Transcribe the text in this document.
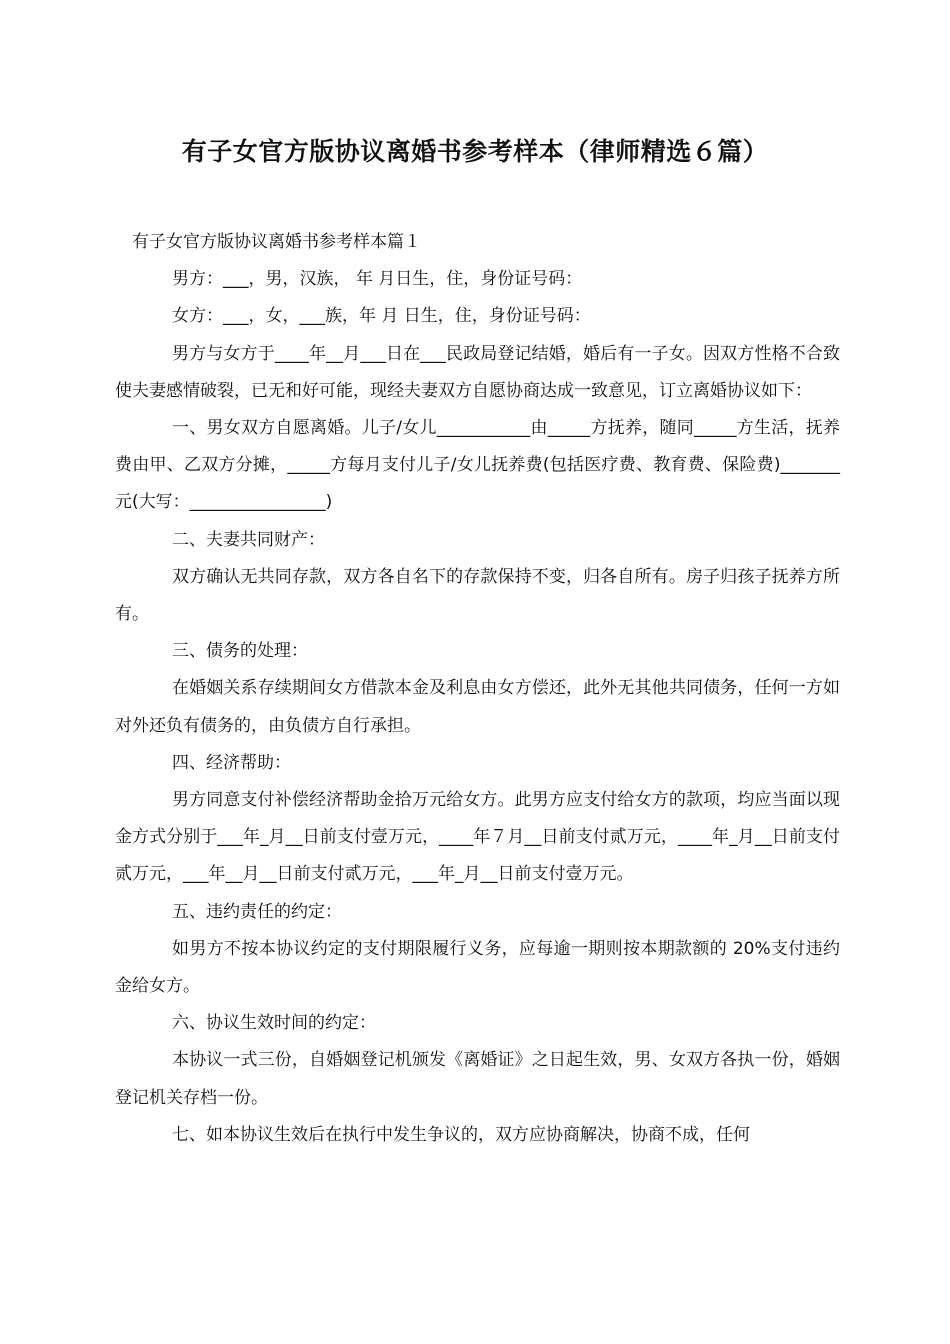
有子女官方版协议离婚书参考样本（律师精选６篇）

有子女官方版协议离婚书参考样本篇１

男方：___，男，汉族， 年 月日生，住，身份证号码：

女方：___，女，___族，年 月 日生，住，身份证号码：

男方与女方于____年__月___日在___民政局登记结婚，婚后有一子女。因双方性格不合致使夫妻感情破裂，已无和好可能，现经夫妻双方自愿协商达成一致意见，订立离婚协议如下：

一、男女双方自愿离婚。儿子/女儿___________由_____方抚养，随同_____方生活，抚养费由甲、乙双方分摊，_____方每月支付儿子/女儿抚养费(包括医疗费、教育费、保险费)_______元(大写：________________)

二、夫妻共同财产：

双方确认无共同存款，双方各自名下的存款保持不变，归各自所有。房子归孩子抚养方所有。

三、债务的处理：

在婚姻关系存续期间女方借款本金及利息由女方偿还，此外无其他共同债务，任何一方如对外还负有债务的，由负债方自行承担。

四、经济帮助：

男方同意支付补偿经济帮助金拾万元给女方。此男方应支付给女方的款项，均应当面以现金方式分别于___年_月__日前支付壹万元，____年７月__日前支付贰万元，____年_月__日前支付贰万元，___年__月__日前支付贰万元，___年_月__日前支付壹万元。

五、违约责任的约定：

如男方不按本协议约定的支付期限履行义务，应每逾一期则按本期款额的 20%支付违约金给女方。

六、协议生效时间的约定：

本协议一式三份，自婚姻登记机颁发《离婚证》之日起生效，男、女双方各执一份，婚姻登记机关存档一份。

七、如本协议生效后在执行中发生争议的，双方应协商解决，协商不成，任何
